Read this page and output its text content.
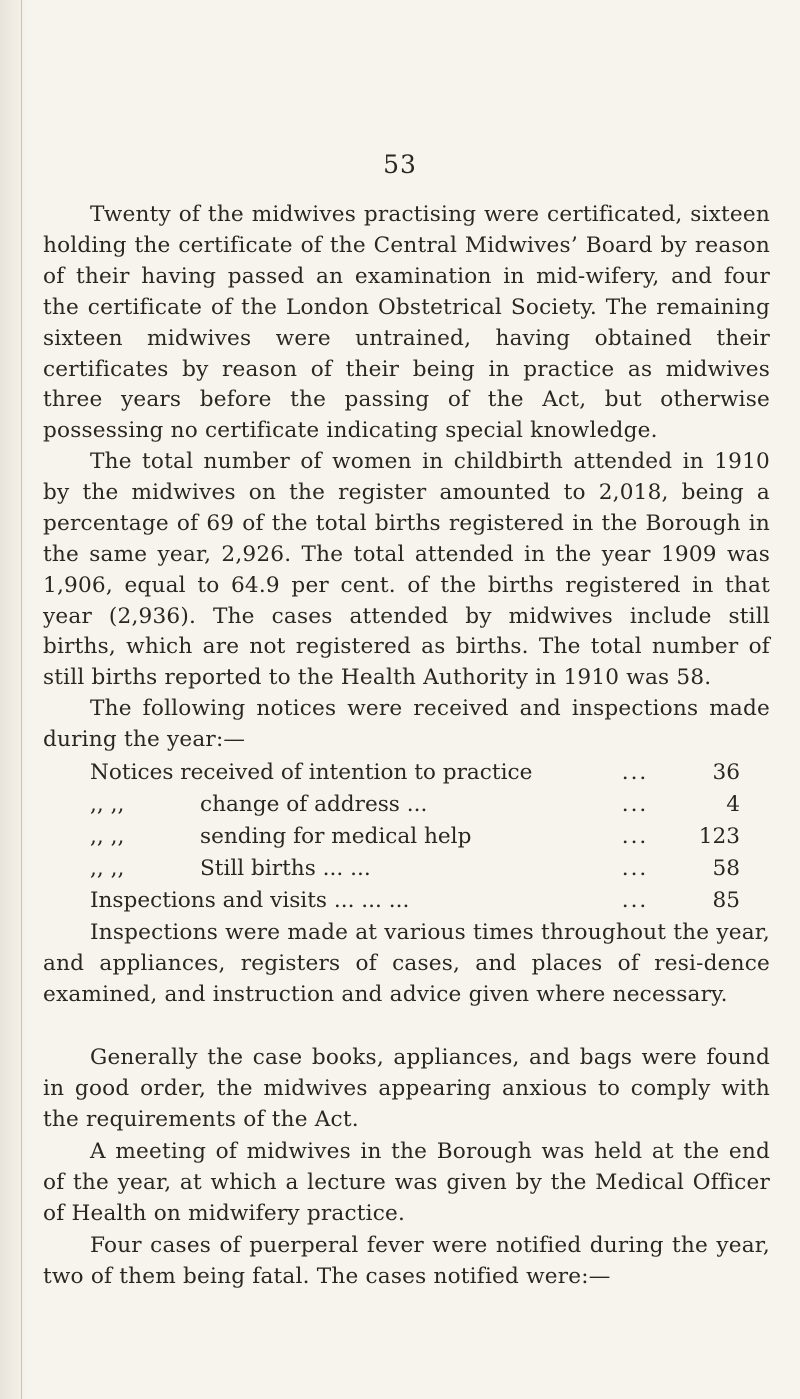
53
Twenty of the midwives practising were certificated, sixteen holding the certificate of the Central Midwives’ Board by reason of their having passed an examination in mid-wifery, and four the certificate of the London Obstetrical Society. The remaining sixteen midwives were untrained, having obtained their certificates by reason of their being in practice as midwives three years before the passing of the Act, but otherwise possessing no certificate indicating special knowledge.
The total number of women in childbirth attended in 1910 by the midwives on the register amounted to 2,018, being a percentage of 69 of the total births registered in the Borough in the same year, 2,926. The total attended in the year 1909 was 1,906, equal to 64.9 per cent. of the births registered in that year (2,936). The cases attended by midwives include still births, which are not registered as births. The total number of still births reported to the Health Authority in 1910 was 58.
The following notices were received and inspections made during the year:—
Notices received of intention to practice	...	36
,, ,,	change of address ...	...	4
,, ,,	sending for medical help	...	123
,, ,,	Still births ... ...	...	58
Inspections and visits ... ... ...	...	85
Inspections were made at various times throughout the year, and appliances, registers of cases, and places of resi-dence examined, and instruction and advice given where necessary.
Generally the case books, appliances, and bags were found in good order, the midwives appearing anxious to comply with the requirements of the Act.
A meeting of midwives in the Borough was held at the end of the year, at which a lecture was given by the Medical Officer of Health on midwifery practice.
Four cases of puerperal fever were notified during the year, two of them being fatal. The cases notified were:—
